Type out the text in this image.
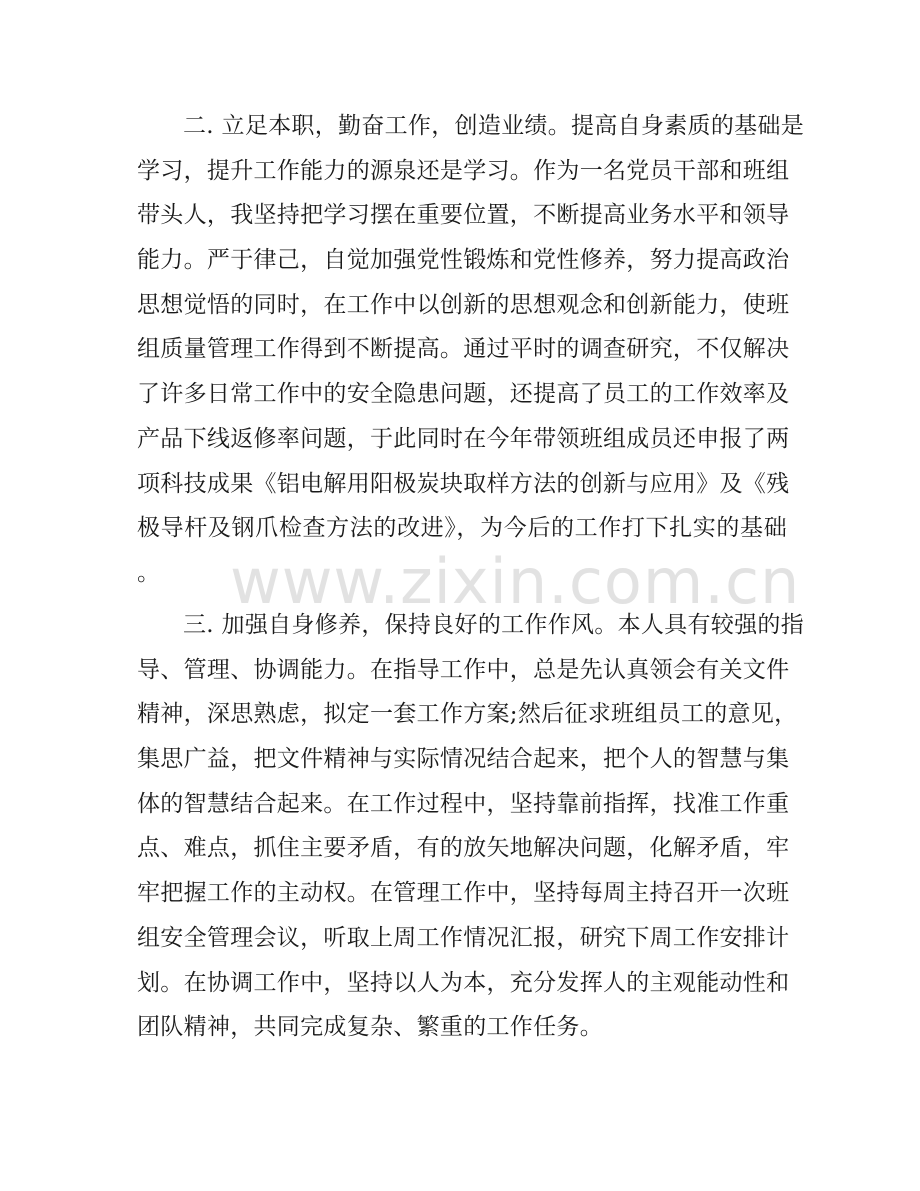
www.zixin.com.cn
二. 立足本职，勤奋工作，创造业绩。提高自身素质的基础是
学习，提升工作能力的源泉还是学习。作为一名党员干部和班组
带头人，我坚持把学习摆在重要位置，不断提高业务水平和领导
能力。严于律己，自觉加强党性锻炼和党性修养，努力提高政治
思想觉悟的同时，在工作中以创新的思想观念和创新能力，使班
组质量管理工作得到不断提高。通过平时的调查研究，不仅解决
了许多日常工作中的安全隐患问题，还提高了员工的工作效率及
产品下线返修率问题，于此同时在今年带领班组成员还申报了两
项科技成果《铝电解用阳极炭块取样方法的创新与应用》及《残
极导杆及钢爪检查方法的改进》，为今后的工作打下扎实的基础
。
三. 加强自身修养，保持良好的工作作风。本人具有较强的指
导、管理、协调能力。在指导工作中，总是先认真领会有关文件
精神，深思熟虑，拟定一套工作方案;然后征求班组员工的意见，
集思广益，把文件精神与实际情况结合起来，把个人的智慧与集
体的智慧结合起来。在工作过程中，坚持靠前指挥，找准工作重
点、难点，抓住主要矛盾，有的放矢地解决问题，化解矛盾，牢
牢把握工作的主动权。在管理工作中，坚持每周主持召开一次班
组安全管理会议，听取上周工作情况汇报，研究下周工作安排计
划。在协调工作中，坚持以人为本，充分发挥人的主观能动性和
团队精神，共同完成复杂、繁重的工作任务。
